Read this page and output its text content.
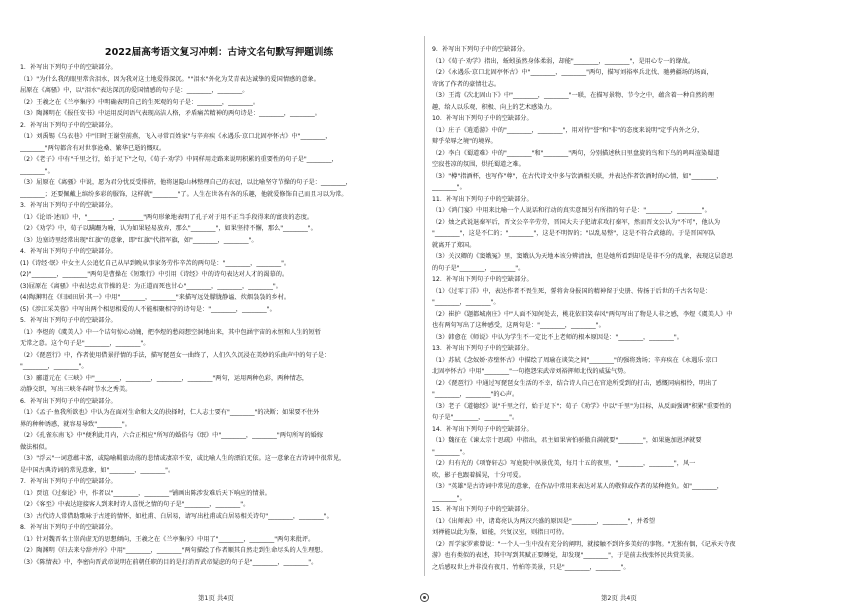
2022届高考语文复习冲刺：古诗文名句默写押题训练
1．补写出下列句子中的空缺部分。
（1）"为什么我的眼里常含泪水，因为我对这土地爱得深沉。""泪水"外化为艾青表达诚挚的爱国情感的意象。
屈原在《离骚》中，以"泪水"表达深沉的爱国情感的句子是：________，________。
（2）王羲之在《兰亭集序》中明确表明自己的生死观的句子是：________，________。
（3）陶渊明在《报任安书》中运用反问语气表现高洁人格，矛盾痛苦精神的两句诗是：________，________。
2．补写出下列句子中的空缺部分。
（1）刘禹锡《乌衣巷》中"旧时王谢堂前燕，飞入寻常百姓家"与辛弃疾《永遇乐·京口北固亭怀古》中"________，
________"两句都含有对世事沧桑、繁华已逝的慨叹。
（2）《老子》中有"千里之行，始于足下"之句，《荀子·劝学》中同样用走路来说明积累的重要性的句子是"________，
________"。
（3）屈原在《离骚》中说，愿为君分忧反受排挤，他将退隐山林整理自己的衣冠，以比喻坚守节操的句子是：________，
________；还要佩戴上缤纷多彩的服饰，这样就"________"了。人生在世各有各的乐趣，他就爱修饰自己而且习以为常。
3．补写出下列句子中的空缺部分。
（1）《论语·述而》中，"________，________"两句形象地表明了孔子对于用不正当手段得来的富贵的态度。
（2）《劝学》中，荀子以蹒跚为喻，认为如果轻易放弃，那么"________"，如果坚持不懈，那么"________"。
（3）边塞诗里经常出现"红旗"的意象，即"红旗"代指军旗，如"________，________"。
4．补写出下列句子中的空缺部分。
(1)《诗经·氓》中女主人公追忆自己从早到晚从事家务劳作辛苦的两句是："________，________"。
(2)"________，________"两句是曹操在《短歌行》中引用《诗经》中的诗句表达对人才的渴慕的。
(3)屈原在《离骚》中表达忠贞节操的是：为正道而死也甘心"________，________，________"。
(4)陶渊明在《归园田居·其一》中用"________，________"来描写远处朦胧静谧、炊烟袅袅的乡村。
(5)《涉江采芙蓉》中写出两个相思相爱的人不能相聚相守的诗句是："________，________"。
5．补写出下列句子中的空缺部分。
（1）李煜的《虞美人》中一个诘句惊心动魄，把李煜的愁闷想空洞地出来，其中包涵宇宙的永恒和人生的短暂
无常之意。这个句子是"________，________"。
（2）《琵琶行》中，作者使用借景抒情的手法，描写琵琶女一曲终了，人们久久沉浸在美妙的乐曲声中的句子是：
"________，________"。
（3）郦道元在《三峡》中"________，________，________，________"两句，运用两种色彩，两种情态，
动静交织，写出三峡冬春时节水之秀美。
6．补写出下列句子中的空缺部分。
（1）《孟子·鱼我所欲也》中认为在面对生命和大义的抉择时，仁人志士要有"________"的决断；如果要不住外
界的种种诱惑，就容易导致"________"。
（2）《孔雀东南飞》中"便利此月内，六合正相应"所写的婚俗与《氓》中"________，________"两句所写的婚嫁
做法相似。
（3）"浮云"一词意蕴丰富，或隐喻羁旅动荡的悲情或凄凉不安，或比喻人生的漂泊无依。这一意象在古诗词中很常见，
是中国古典诗词的常见意象，如"________，________"。
7．补写出下列句子中的空缺部分。
（1）贾谊《过秦论》中，作者以"________，________"铺画出陈涉发难后天下响应的情景。
（2）《客至》中表达迎接客人到来时诗人喜悦之情的句子是"________，________"。
（3）古代诗人常借助歌咏于古迹的情怀，如杜甫、白居易，请写出杜甫或白居易相关诗句"________，________"。
8．补写出下列句子中的空缺部分。
（1）针对魏晋名士崇尚虚无的思想倾向，王羲之在《兰亭集序》中用了"________，________"两句来批评。
（2）陶渊明《归去来兮辞并序》中用"________，________"两句描绘了作者顺其自然走到生命尽头的人生理想。
（3）《陈情表》中，李密向晋武帝说明在前朝任职的目的是打消晋武帝疑虑的句子是"________，________"。
9．补写出下列句子中的空缺部分。
（1）《荀子·劝学》指出，蚯蚓虽然身体柔弱，却能"________，________"，是用心专一的缘故。
（2）《永遇乐·京口北固亭怀古》中"________，________"两句，描写刘裕率兵北伐、驰骋疆场的场面，
寄寓了作者的豪情壮志。
（3）王湾《次北固山下》中"________，________"一联，在描写景物、节令之中，蕴含着一种自然的理
趣，给人以乐观、积极、向上的艺术感染力。
10．补写出下列句子中的空缺部分。
（1）庄子《逍遥游》中的"________，________"，用对待"誉"和"非"的态度来说明"定乎内外之分，
辩乎荣辱之境"的境界。
（2）李白《蜀道难》中的"________"和"________"两句，分别描述秋日里盘旋的鸟和下鸟的鸣叫渲染蜀道
空寂苍凉的氛围，烘托蜀道之难。
（3）"樽"指酒杯，也写作"尊"，在古代诗文中多与饮酒相关联，并表达作者饮酒时的心情，如"________，
________"。
11．补写出下列句子中的空缺部分。
（1）《鸿门宴》中用来比喻一个人说话和行动的真实意图另有所指的句子是："________，________"。
（2）烛之武说退秦军后，晋文公辛辛劳劳，晋国大夫子犯请求攻打秦军，然而晋文公认为"不可"，他认为
"________"，这是不仁的；"________"，这是不明智的；"以乱易整"，这是不符合武德的。于是晋国军队
就离开了郑国。
（3）关汉卿的《窦娥冤》里，窦娥认为天地本该分辨清浊，但是她所看到却是是非不分的乱象，表现这层意思
的句子是"________，________"。
12．补写出下列句子中的空缺部分。
（1）《过零丁洋》中，表达作者不畏生死，誓将舍身报国的精神留于史册、传扬于后世的千古名句是：
"________，________"。
（2）崔护《题都城南庄》中"人面不知何处去，桃花依旧笑春风"两句写出了物是人非之感，李煜《虞美人》中
也有两句写出了这种感受，这两句是："________，________"。
（3）韩愈在《师说》中认为学生不一定比不上老师的根本原因是："________，________"。
13．补写出下列句子中的空缺部分。
（1）苏轼《念奴娇·赤壁怀古》中描绘了周瑜在谈笑之间"________"的强将劲场；辛弃疾在《永遇乐·京口
北固亭怀古》中用"________"一句抱怨宋武帝刘裕挥师北伐的威猛气势。
（2）《琵琶行》中通过写琵琶女生活的不幸，结合诗人自己在官途所受到的打击，感慨同病相怜，明出了
"________，________"的心声。
（3）老子《道德经》说"千里之行，始于足下"；荀子《劝学》中以"千里"为目标，从反面强调"积累"重要性的
句子是"________，________"。
14．补写出下列句子中的空缺部分。
（1）魏征在《谏太宗十思疏》中指出，君主如果害怕骄傲自满就要"________"，如果施加恩泽就要
"________"。
（2）归有光的《项脊轩志》写庭院中夙景优美，每月十五的夜里，"________，________"，风一
吹，影子也跟着摇晃，十分可爱。
（3）"英雄"是古诗词中常见的意象，在作品中常用来表达对某人的敬仰或作者的某种抱负。如"________，
________"。
15．补写出下列句子中的空缺部分。
（1）《出师表》中，诸葛亮认为两汉兴盛的原因是"________，________"，并希望
刘禅能以此为鉴，如能，兴复汉室，则指日可待。
（2）晋学家罗素曾说："一个人一生中没有充分的阐明，就接触不到许多美好的事物。"无独有偶，《记承天寺夜
游》也有类似的表述，其中写到其赋正要睡觉，却发现"________"，于是前去找张怀民共赏美景。
之后感叹世上并非没有夜月、竹柏等美景，只是"________，________"。
第1页 共4页	第2页 共4页
